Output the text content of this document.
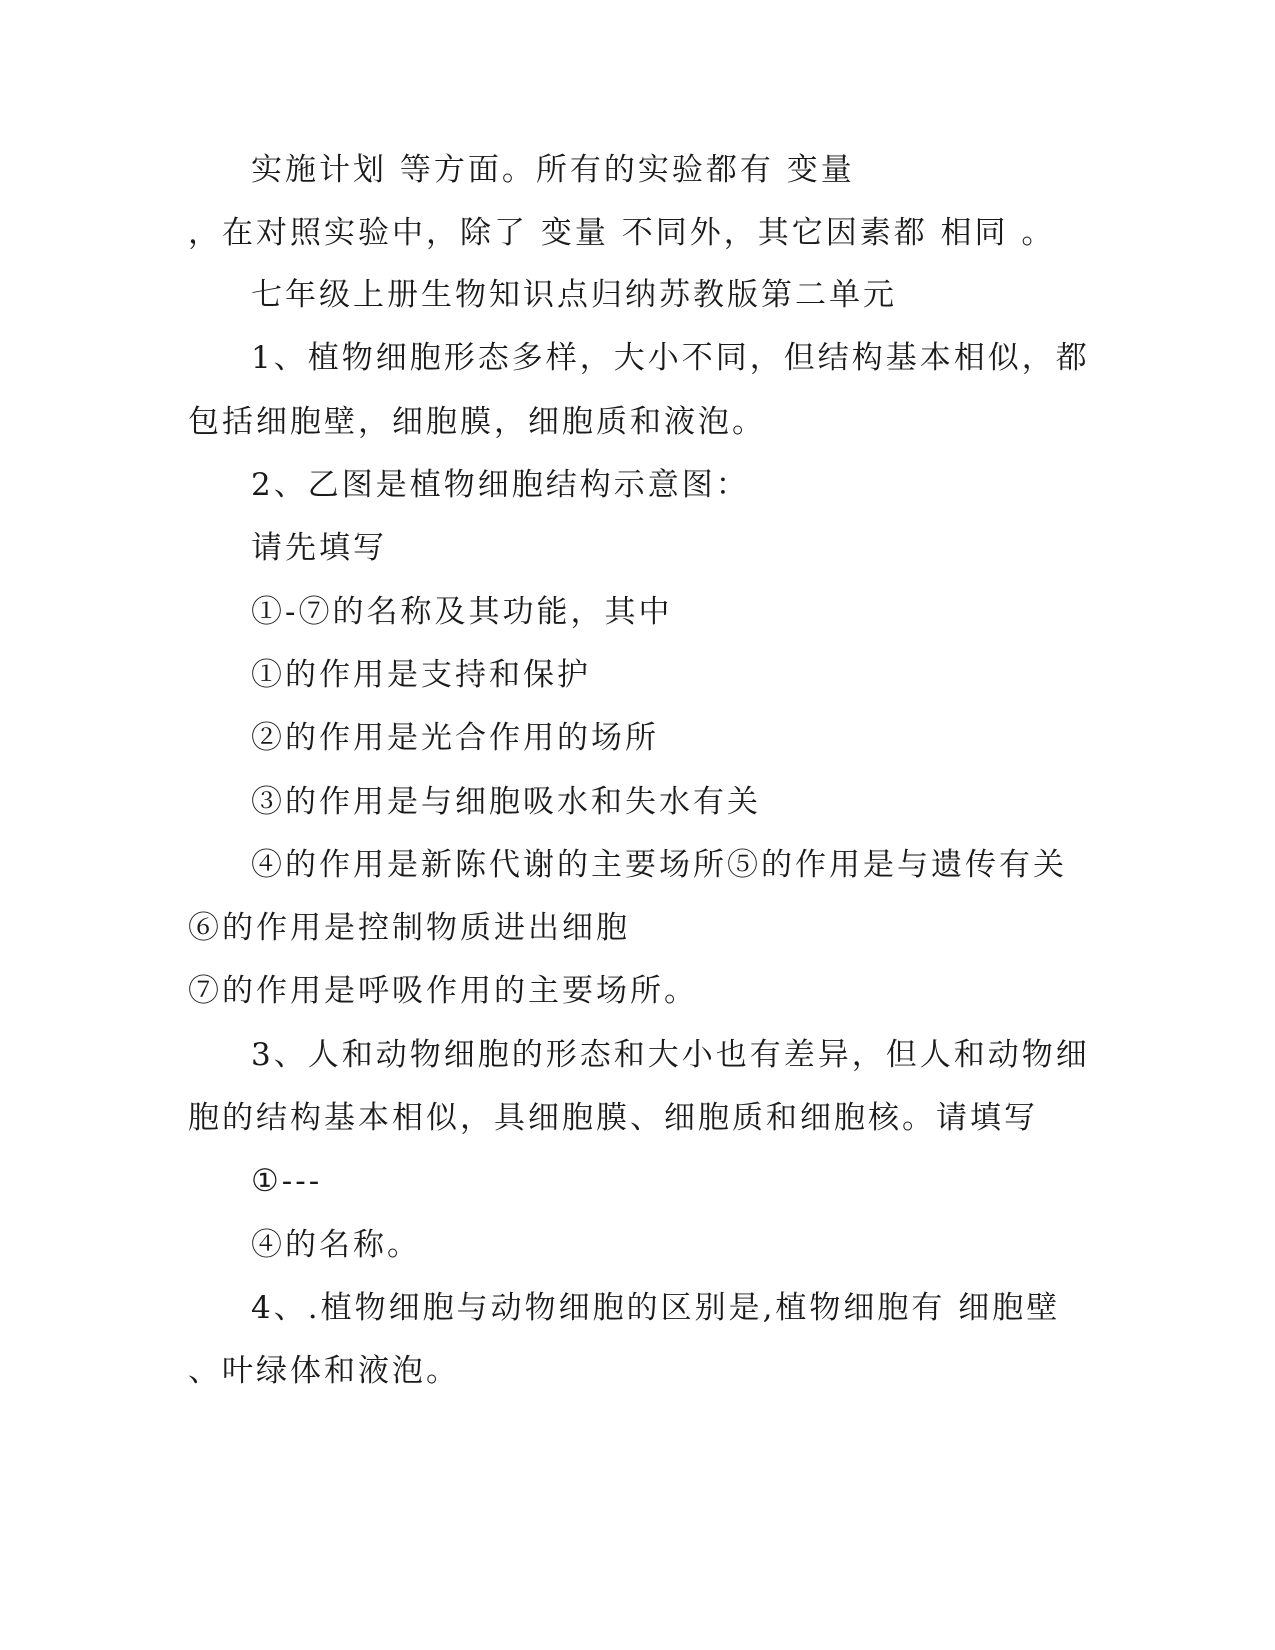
实施计划 等方面。所有的实验都有 变量
，在对照实验中，除了 变量 不同外，其它因素都 相同 。
七年级上册生物知识点归纳苏教版第二单元
1、植物细胞形态多样，大小不同，但结构基本相似，都
包括细胞壁，细胞膜，细胞质和液泡。
2、乙图是植物细胞结构示意图：
请先填写
①-⑦的名称及其功能，其中
①的作用是支持和保护
②的作用是光合作用的场所
③的作用是与细胞吸水和失水有关
④的作用是新陈代谢的主要场所⑤的作用是与遗传有关
⑥的作用是控制物质进出细胞
⑦的作用是呼吸作用的主要场所。
3、人和动物细胞的形态和大小也有差异，但人和动物细
胞的结构基本相似，具细胞膜、细胞质和细胞核。请填写
①---
④的名称。
4、.植物细胞与动物细胞的区别是,植物细胞有 细胞壁
、叶绿体和液泡。
